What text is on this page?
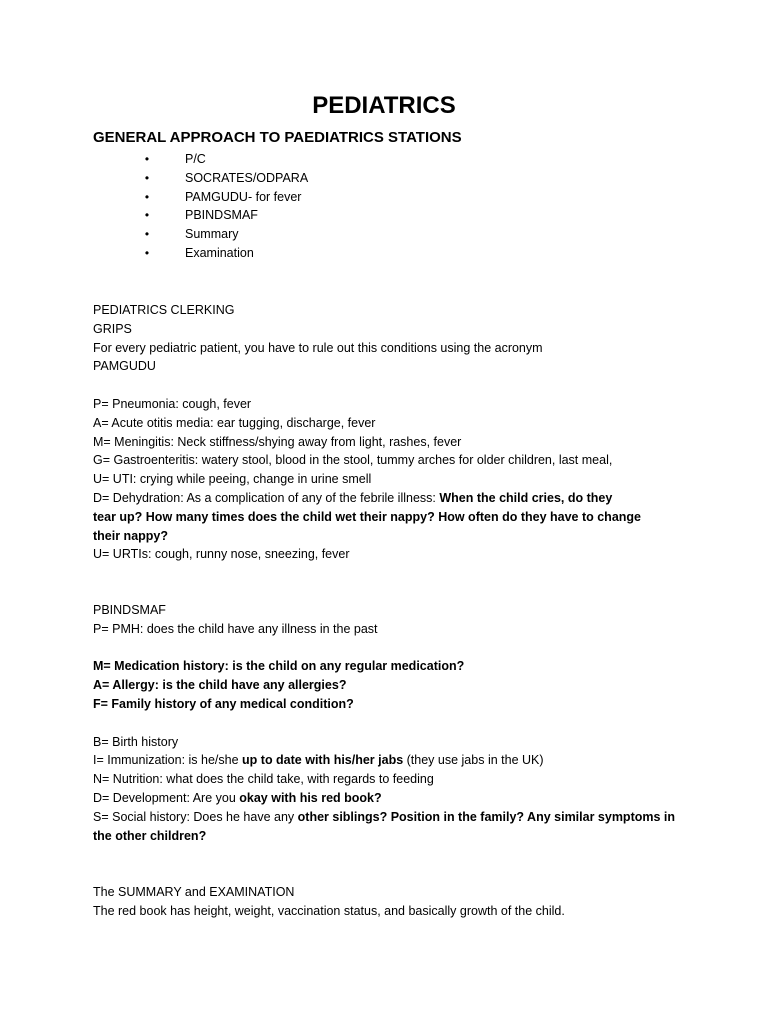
PEDIATRICS
GENERAL APPROACH TO PAEDIATRICS STATIONS
•	P/C
•	SOCRATES/ODPARA
•	PAMGUDU- for fever
•	PBINDSMAF
•	Summary
•	Examination
PEDIATRICS CLERKING
GRIPS
For every pediatric patient, you have to rule out this conditions using the acronym
PAMGUDU
P= Pneumonia: cough, fever
A= Acute otitis media: ear tugging, discharge, fever
M= Meningitis: Neck stiffness/shying away from light, rashes, fever
G= Gastroenteritis: watery stool, blood in the stool, tummy arches for older children, last meal,
U= UTI: crying while peeing, change in urine smell
D= Dehydration: As a complication of any of the febrile illness: When the child cries, do they
tear up? How many times does the child wet their nappy? How often do they have to change
their nappy?
U= URTIs: cough, runny nose, sneezing, fever
PBINDSMAF
P= PMH: does the child have any illness in the past
M= Medication history: is the child on any regular medication?
A= Allergy: is the child have any allergies?
F= Family history of any medical condition?
B= Birth history
I= Immunization: is he/she up to date with his/her jabs (they use jabs in the UK)
N= Nutrition: what does the child take, with regards to feeding
D= Development: Are you okay with his red book?
S= Social history: Does he have any other siblings? Position in the family? Any similar symptoms in
the other children?
The SUMMARY and EXAMINATION
The red book has height, weight, vaccination status, and basically growth of the child.
